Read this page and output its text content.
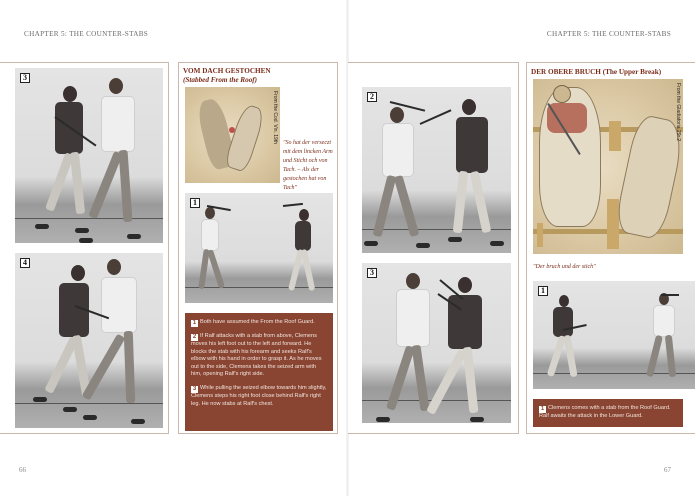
CHAPTER 5: THE COUNTER-STABS	CHAPTER 5: THE COUNTER-STABS
3
4
VOM DACH GESTOCHEN
(Stabbed From the Roof)
From the Cod. Vin. 19th "So hat der verseczt mit dem lincken Arm und Sticht och von Tach. – Als der gestochen hat von Tach"
1

1 Both have assumed the From the Roof Guard.

2 If Ralf attacks with a stab from above, Clemens moves his left foot out to the left and forward. He blocks the stab with his forearm and seeks Ralf's elbow with his hand in order to grasp it. As he moves out to the side, Clemens takes the seized arm with him, opening Ralf's right side.

3 While pulling the seized elbow towards him slightly, Clemens steps his right foot close behind Ralf's right leg. He now stabs at Ralf's chest.

2
3
DER OBERE BRUCH (The Upper Break)
From the Gladiatoria 29r.2
"Der bruch und der stich"
1

1 Clemens comes with a stab from the Roof Guard. Ralf awaits the attack in the Lower Guard.

66	67
